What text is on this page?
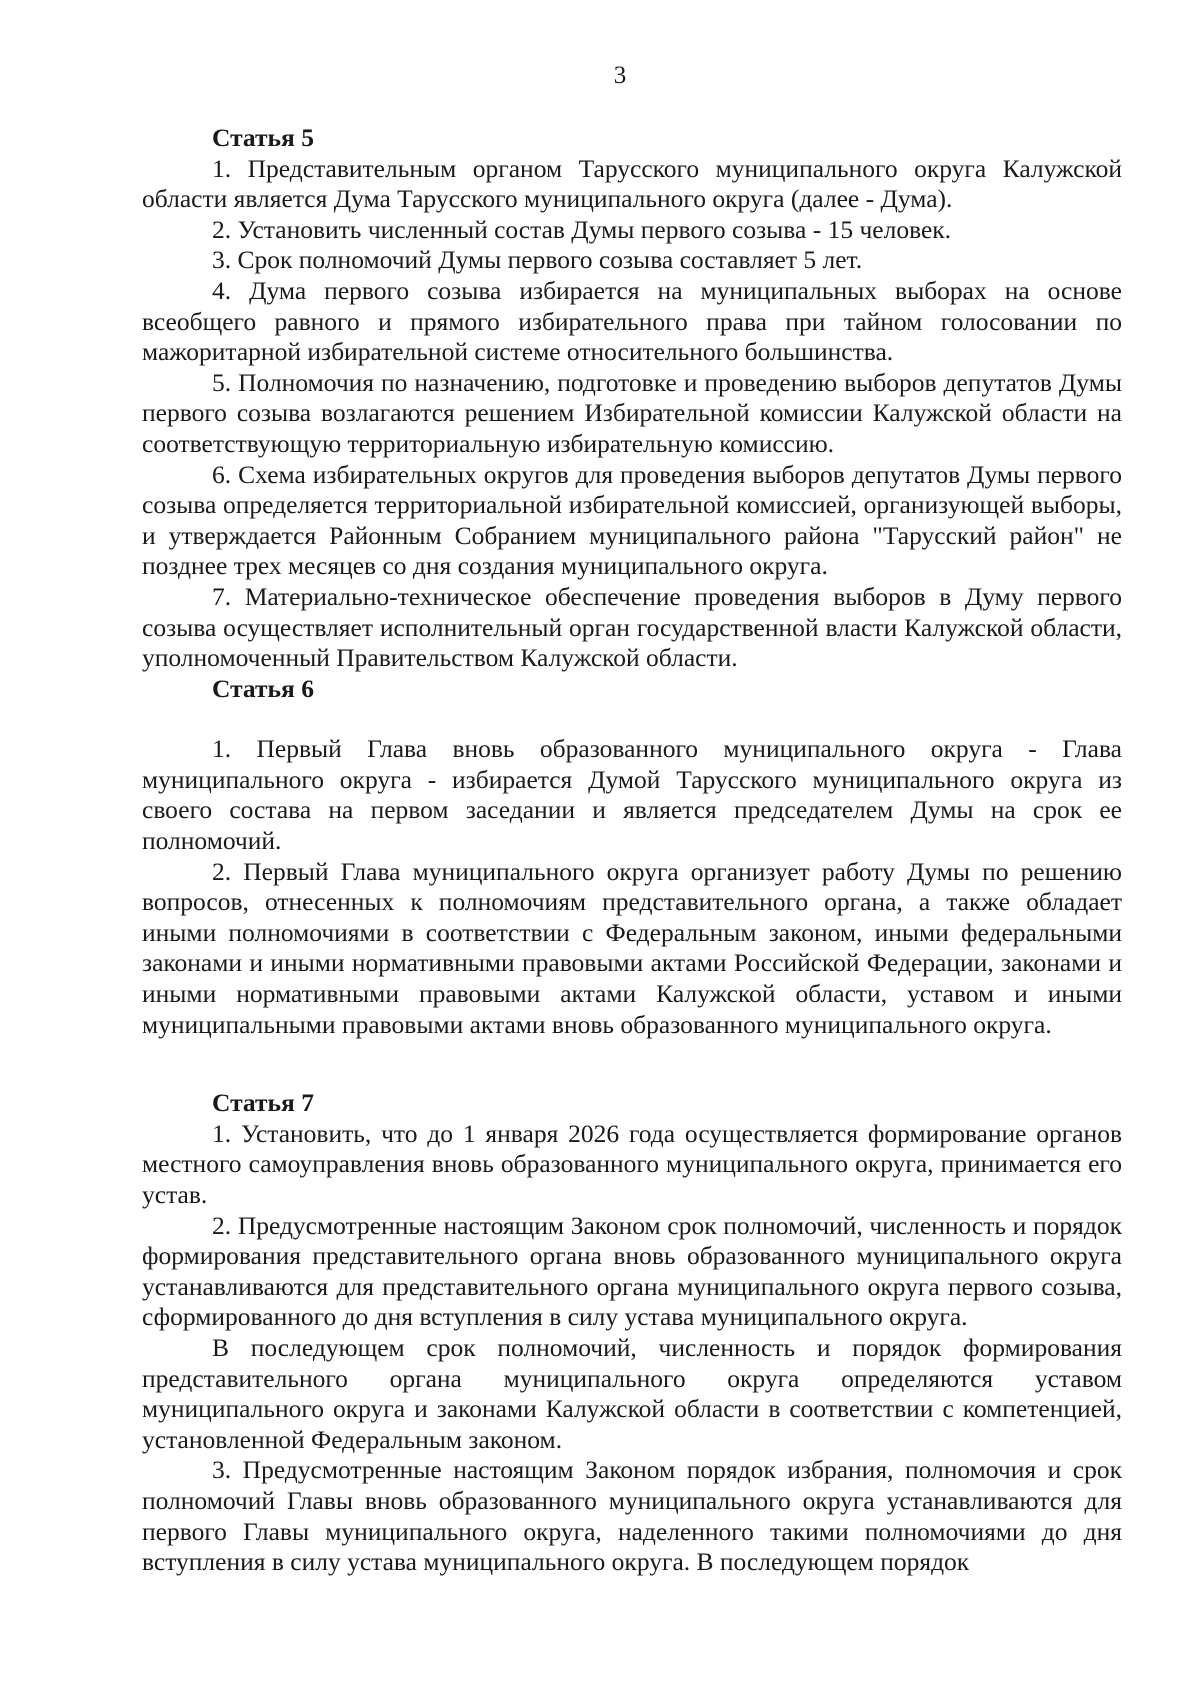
3

Статья 5

1. Представительным органом Тарусского муниципального округа Калужской области является Дума Тарусского муниципального округа (далее - Дума).

2. Установить численный состав Думы первого созыва - 15 человек.

3. Срок полномочий Думы первого созыва составляет 5 лет.

4. Дума первого созыва избирается на муниципальных выборах на основе всеобщего равного и прямого избирательного права при тайном голосовании по мажоритарной избирательной системе относительного большинства.

5. Полномочия по назначению, подготовке и проведению выборов депутатов Думы первого созыва возлагаются решением Избирательной комиссии Калужской области на соответствующую территориальную избирательную комиссию.

6. Схема избирательных округов для проведения выборов депутатов Думы первого созыва определяется территориальной избирательной комиссией, организующей выборы, и утверждается Районным Собранием муниципального района "Тарусский район" не позднее трех месяцев со дня создания муниципального округа.

7. Материально-техническое обеспечение проведения выборов в Думу первого созыва осуществляет исполнительный орган государственной власти Калужской области, уполномоченный Правительством Калужской области.

Статья 6

1. Первый Глава вновь образованного муниципального округа - Глава муниципального округа - избирается Думой Тарусского муниципального округа из своего состава на первом заседании и является председателем Думы на срок ее полномочий.

2. Первый Глава муниципального округа организует работу Думы по решению вопросов, отнесенных к полномочиям представительного органа, а также обладает иными полномочиями в соответствии с Федеральным законом, иными федеральными законами и иными нормативными правовыми актами Российской Федерации, законами и иными нормативными правовыми актами Калужской области, уставом и иными муниципальными правовыми актами вновь образованного муниципального округа.

Статья 7

1. Установить, что до 1 января 2026 года осуществляется формирование органов местного самоуправления вновь образованного муниципального округа, принимается его устав.

2. Предусмотренные настоящим Законом срок полномочий, численность и порядок формирования представительного органа вновь образованного муниципального округа устанавливаются для представительного органа муниципального округа первого созыва, сформированного до дня вступления в силу устава муниципального округа.

В последующем срок полномочий, численность и порядок формирования представительного органа муниципального округа определяются уставом муниципального округа и законами Калужской области в соответствии с компетенцией, установленной Федеральным законом.

3. Предусмотренные настоящим Законом порядок избрания, полномочия и срок полномочий Главы вновь образованного муниципального округа устанавливаются для первого Главы муниципального округа, наделенного такими полномочиями до дня вступления в силу устава муниципального округа. В последующем порядок
